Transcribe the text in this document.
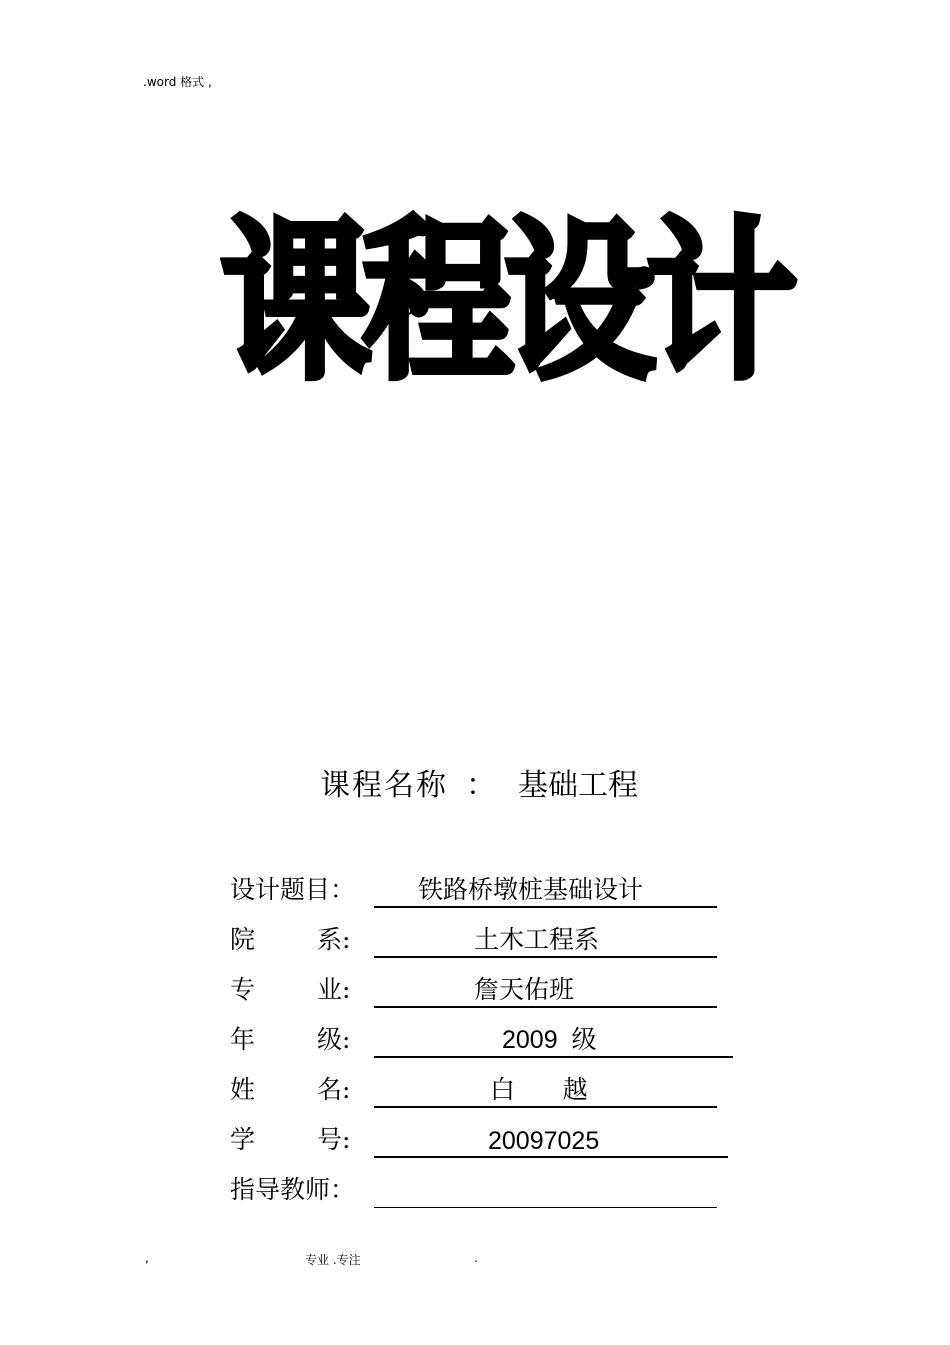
.word 格式 ,
课程设计
课程名称 ： 基础工程
设计题目：	铁路桥墩桩基础设计
院 系:	土木工程系
专 业:	詹天佑班
年 级:	2009  级
姓 名:	白      越
学 号:	20097025
指导教师：
,	专业 .专注	.
